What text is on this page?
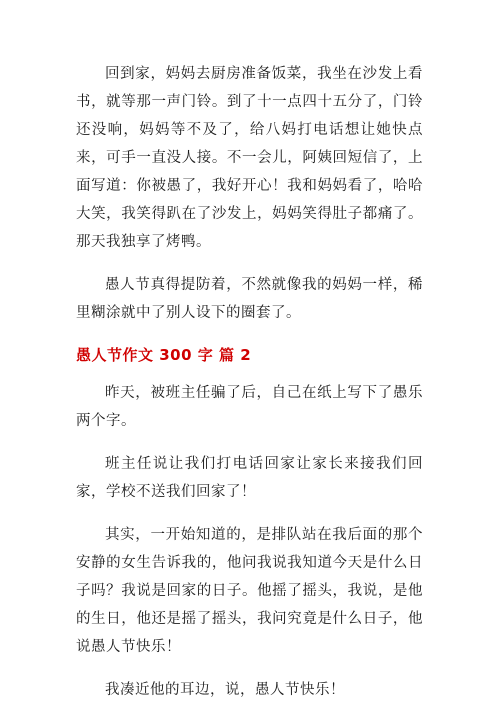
回到家，妈妈去厨房准备饭菜，我坐在沙发上看书，就等那一声门铃。到了十一点四十五分了，门铃还没响，妈妈等不及了，给八妈打电话想让她快点来，可手一直没人接。不一会儿，阿姨回短信了，上面写道：你被愚了，我好开心！我和妈妈看了，哈哈大笑，我笑得趴在了沙发上，妈妈笑得肚子都痛了。那天我独享了烤鸭。

愚人节真得提防着，不然就像我的妈妈一样，稀里糊涂就中了别人设下的圈套了。

愚人节作文 300 字 篇 2

昨天，被班主任骗了后，自己在纸上写下了愚乐两个字。

班主任说让我们打电话回家让家长来接我们回家，学校不送我们回家了！

其实，一开始知道的，是排队站在我后面的那个安静的女生告诉我的，他问我说我知道今天是什么日子吗？我说是回家的日子。他摇了摇头，我说，是他的生日，他还是摇了摇头，我问究竟是什么日子，他说愚人节快乐！

我凑近他的耳边，说，愚人节快乐！
